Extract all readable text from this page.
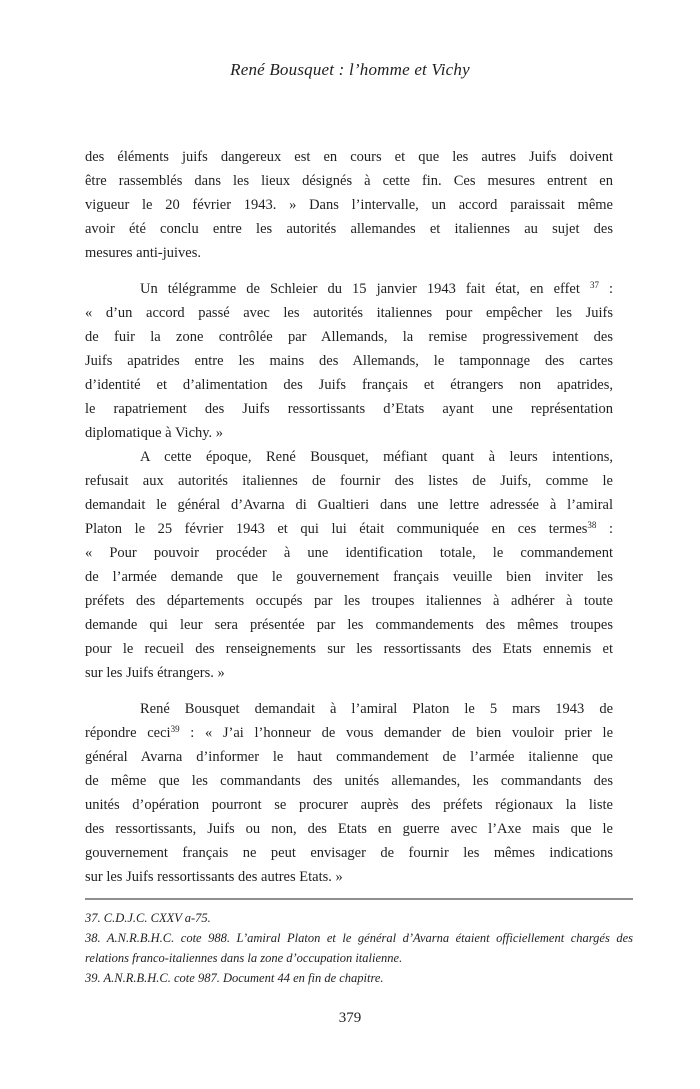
René Bousquet : l’homme et Vichy
des éléments juifs dangereux est en cours et que les autres Juifs doivent
être rassemblés dans les lieux désignés à cette fin. Ces mesures entrent en
vigueur le 20 février 1943. » Dans l’intervalle, un accord paraissait même
avoir été conclu entre les autorités allemandes et italiennes au sujet des
mesures anti-juives.
Un télégramme de Schleier du 15 janvier 1943 fait état, en effet $^{37}$ :
« d’un accord passé avec les autorités italiennes pour empêcher les Juifs
de fuir la zone contrôlée par Allemands, la remise progressivement des
Juifs apatrides entre les mains des Allemands, le tamponnage des cartes
d’identité et d’alimentation des Juifs français et étrangers non apatrides,
le rapatriement des Juifs ressortissants d’Etats ayant une représentation
diplomatique à Vichy. »
A cette époque, René Bousquet, méfiant quant à leurs intentions,
refusait aux autorités italiennes de fournir des listes de Juifs, comme le
demandait le général d’Avarna di Gualtieri dans une lettre adressée à l’amiral
Platon le 25 février 1943 et qui lui était communiquée en ces termes$^{38}$ :
« Pour pouvoir procéder à une identification totale, le commandement
de l’armée demande que le gouvernement français veuille bien inviter les
préfets des départements occupés par les troupes italiennes à adhérer à toute
demande qui leur sera présentée par les commandements des mêmes troupes
pour le recueil des renseignements sur les ressortissants des Etats ennemis et
sur les Juifs étrangers. »
René Bousquet demandait à l’amiral Platon le 5 mars 1943 de
répondre ceci$^{39}$ : « J’ai l’honneur de vous demander de bien vouloir prier le
général Avarna d’informer le haut commandement de l’armée italienne que
de même que les commandants des unités allemandes, les commandants des
unités d’opération pourront se procurer auprès des préfets régionaux la liste
des ressortissants, Juifs ou non, des Etats en guerre avec l’Axe mais que le
gouvernement français ne peut envisager de fournir les mêmes indications
sur les Juifs ressortissants des autres Etats. »
37. C.D.J.C. CXXV a-75.
38. A.N.R.B.H.C. cote 988. L’amiral Platon et le général d’Avarna étaient officiellement chargés des
relations franco-italiennes dans la zone d’occupation italienne.
39. A.N.R.B.H.C. cote 987. Document 44 en fin de chapitre.
379
